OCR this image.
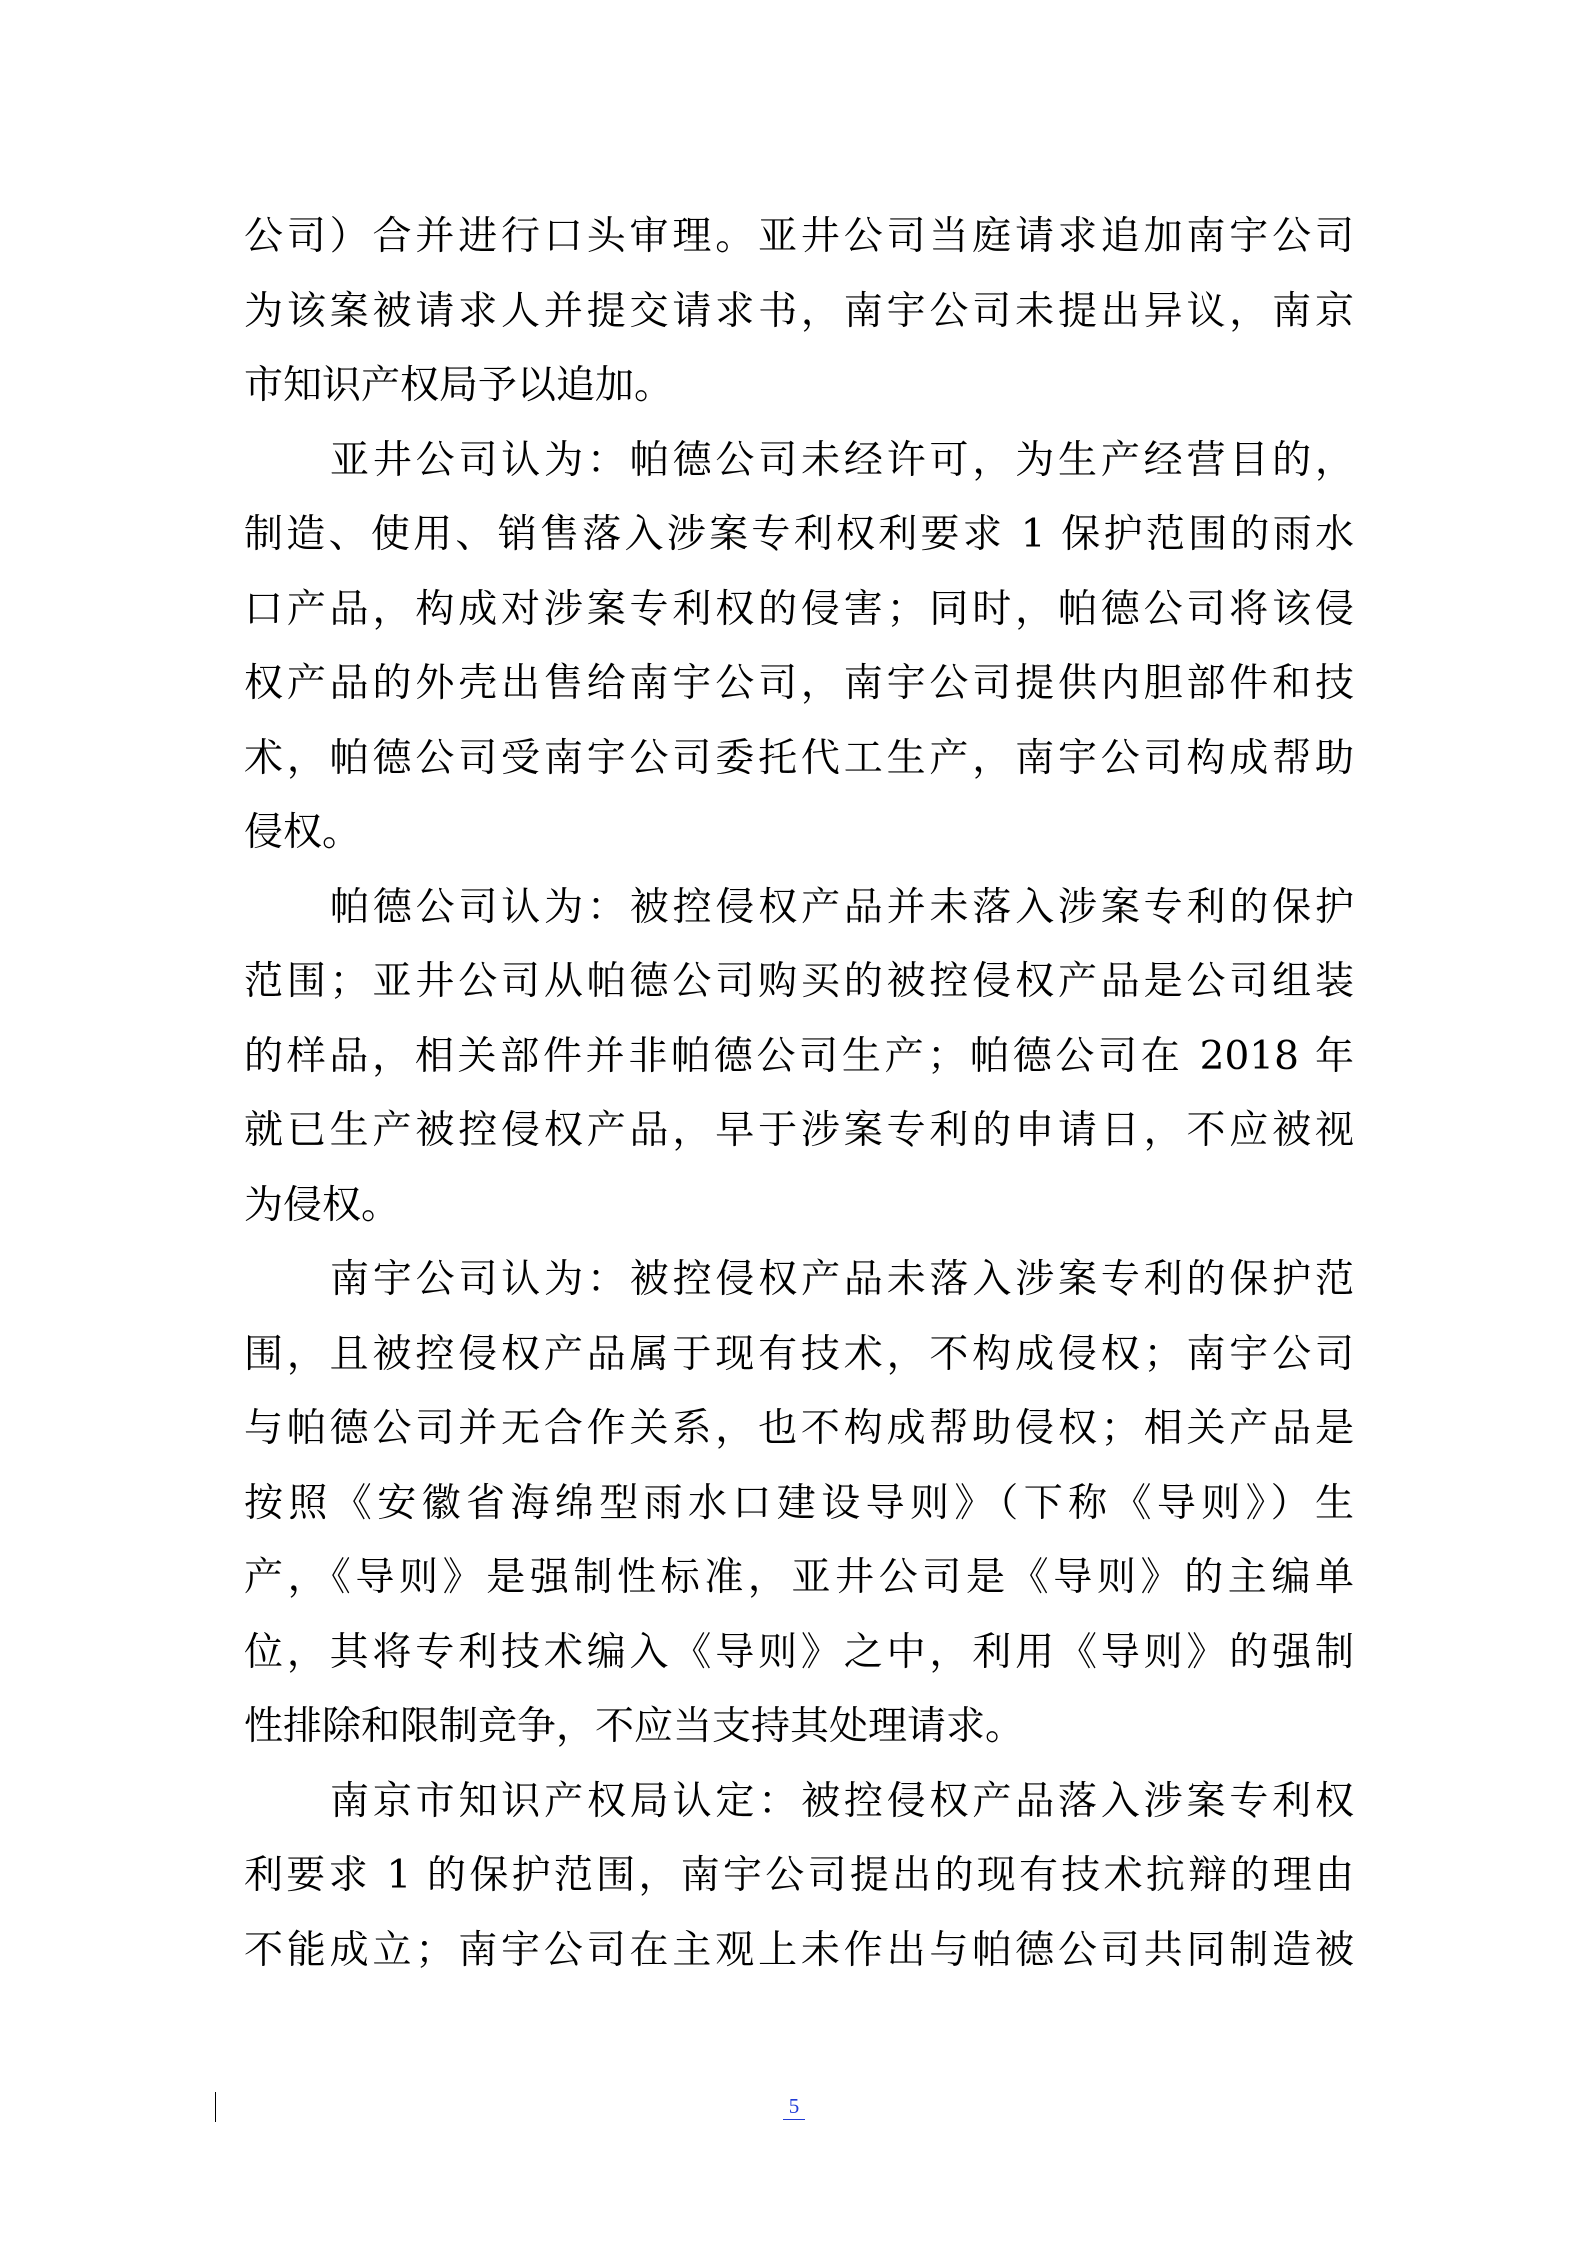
公司）合并进行口头审理。亚井公司当庭请求追加南宇公司
为该案被请求人并提交请求书，南宇公司未提出异议，南京
市知识产权局予以追加。
亚井公司认为：帕德公司未经许可，为生产经营目的，
制造、使用、销售落入涉案专利权利要求 1 保护范围的雨水
口产品，构成对涉案专利权的侵害；同时，帕德公司将该侵
权产品的外壳出售给南宇公司，南宇公司提供内胆部件和技
术，帕德公司受南宇公司委托代工生产，南宇公司构成帮助
侵权。
帕德公司认为：被控侵权产品并未落入涉案专利的保护
范围；亚井公司从帕德公司购买的被控侵权产品是公司组装
的样品，相关部件并非帕德公司生产；帕德公司在 2018 年
就已生产被控侵权产品，早于涉案专利的申请日，不应被视
为侵权。
南宇公司认为：被控侵权产品未落入涉案专利的保护范
围，且被控侵权产品属于现有技术，不构成侵权；南宇公司
与帕德公司并无合作关系，也不构成帮助侵权；相关产品是
按照《安徽省海绵型雨水口建设导则》（下称《导则》）生
产，《导则》是强制性标准，亚井公司是《导则》的主编单
位，其将专利技术编入《导则》之中，利用《导则》的强制
性排除和限制竞争，不应当支持其处理请求。
南京市知识产权局认定：被控侵权产品落入涉案专利权
利要求 1 的保护范围，南宇公司提出的现有技术抗辩的理由
不能成立；南宇公司在主观上未作出与帕德公司共同制造被
5
